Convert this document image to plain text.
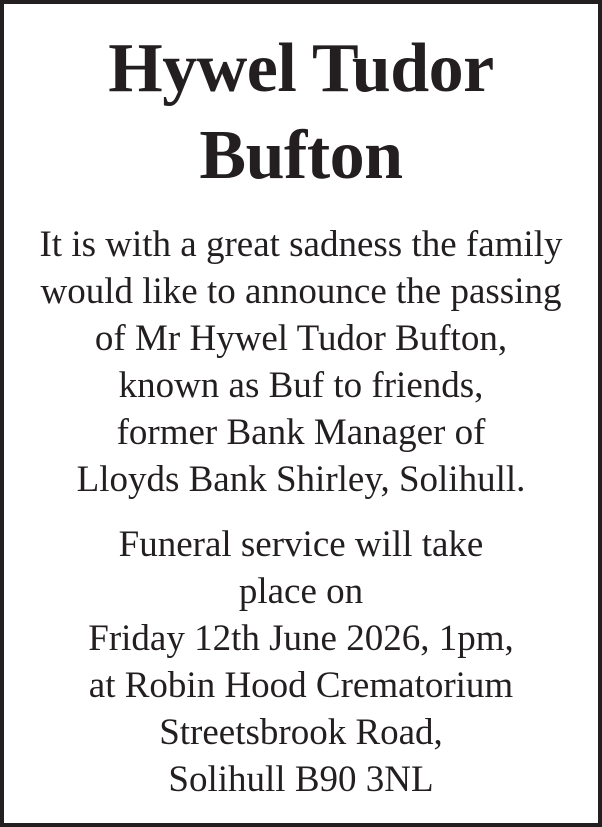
Hywel Tudor
Bufton
It is with a great sadness the family
would like to announce the passing
of Mr Hywel Tudor Bufton,
known as Buf to friends,
former Bank Manager of
Lloyds Bank Shirley, Solihull.
Funeral service will take
place on
Friday 12th June 2026, 1pm,
at Robin Hood Crematorium
Streetsbrook Road,
Solihull B90 3NL
